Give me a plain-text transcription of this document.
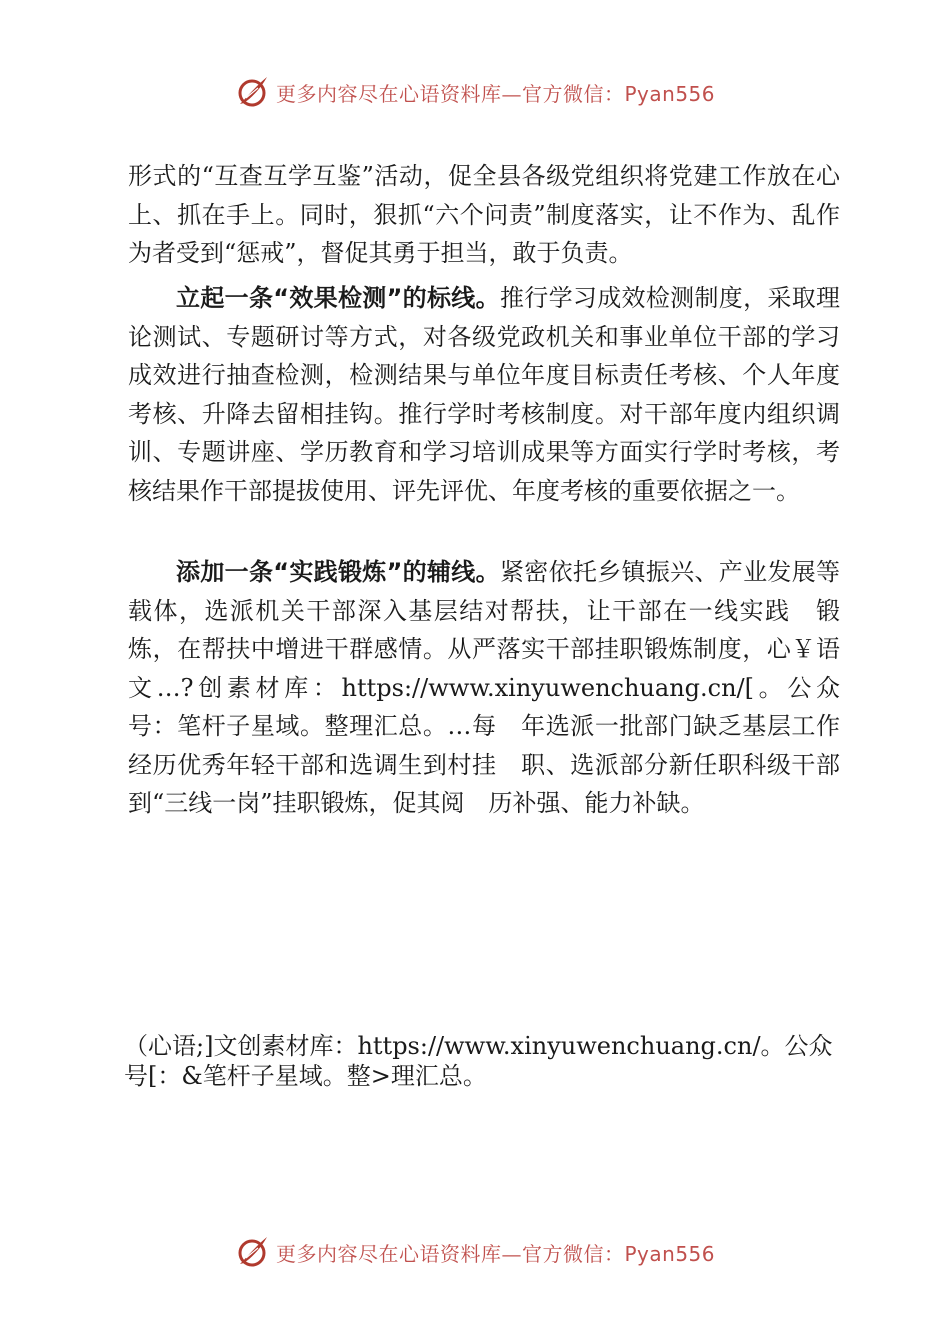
更多内容尽在心语资料库—官方微信：Pyan556

形式的“互查互学互鉴”活动，促全县各级党组织将党建工作放在心上、抓在手上。同时，狠抓“六个问责”制度落实，让不作为、乱作为者受到“惩戒”，督促其勇于担当，敢于负责。

立起一条“效果检测”的标线。推行学习成效检测制度，采取理论测试、专题研讨等方式，对各级党政机关和事业单位干部的学习成效进行抽查检测，检测结果与单位年度目标责任考核、个人年度考核、升降去留相挂钩。推行学时考核制度。对干部年度内组织调训、专题讲座、学历教育和学习培训成果等方面实行学时考核，考核结果作干部提拔使用、评先评优、年度考核的重要依据之一。

添加一条“实践锻炼”的辅线。紧密依托乡镇振兴、产业发展等载体，选派机关干部深入基层结对帮扶，让干部在一线实践　锻炼，在帮扶中增进干群感情。从严落实干部挂职锻炼制度，心￥语文…?创素材库：https://www.xinyuwenchuang.cn/[。公众号：笔杆子星域。整理汇总。…每　年选派一批部门缺乏基层工作经历优秀年轻干部和选调生到村挂　职、选派部分新任职科级干部到“三线一岗”挂职锻炼，促其阅　历补强、能力补缺。

（心语;]文创素材库：https://www.xinyuwenchuang.cn/。公众号[：&笔杆子星域。整>理汇总。
更多内容尽在心语资料库—官方微信：Pyan556
